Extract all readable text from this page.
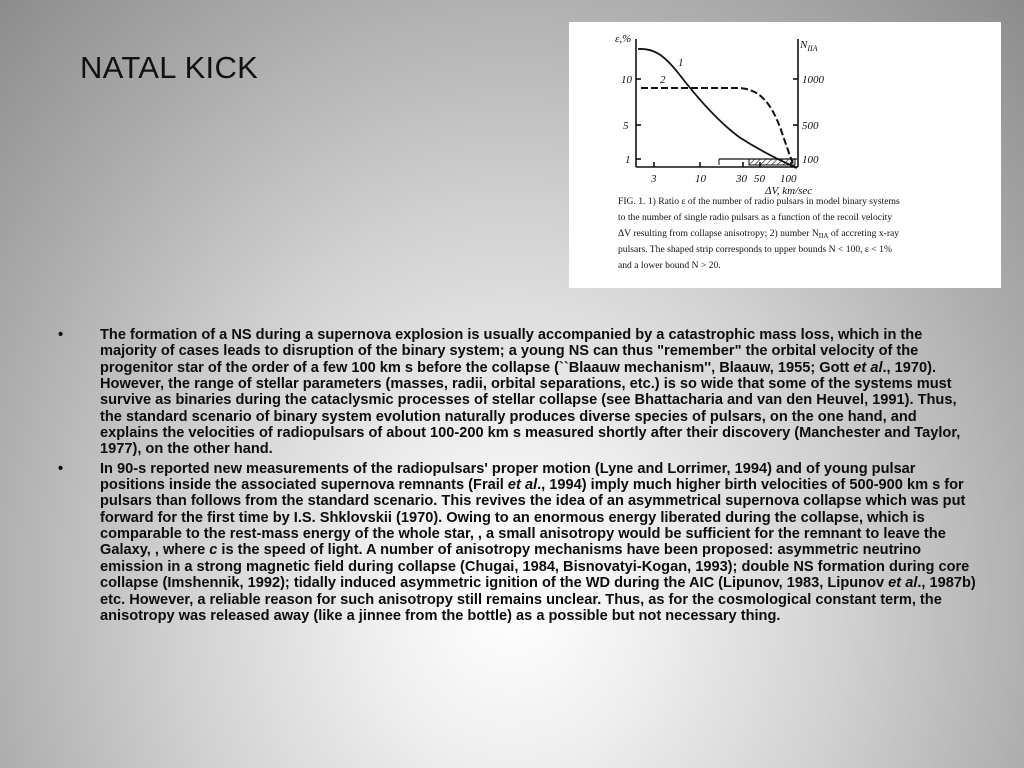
NATAL KICK
ε,%	$N_{IIA}$
10
5
1
1000
500
100
3	10	30 50 100
ΔV, km/sec
1
2
FIG. 1. 1) Ratio ε of the number of radio pulsars in model binary systems
to the number of single radio pulsars as a function of the recoil velocity
ΔV resulting from collapse anisotropy; 2) number $N_{IIA}$ of accreting x-ray
pulsars. The shaped strip corresponds to upper bounds N < 100, ε < 1%
and a lower bound N > 20.
•	The formation of a NS during a supernova explosion is usually accompanied by a catastrophic mass loss, which in the majority of cases leads to disruption of the binary system; a young NS can thus "remember" the orbital velocity of the progenitor star of the order of a few 100 km s before the collapse (``Blaauw mechanism'', Blaauw, 1955; Gott et al., 1970). However, the range of stellar parameters (masses, radii, orbital separations, etc.) is so wide that some of the systems must survive as binaries during the cataclysmic processes of stellar collapse (see Bhattacharia and van den Heuvel, 1991). Thus, the standard scenario of binary system evolution naturally produces diverse species of pulsars, on the one hand, and explains the velocities of radiopulsars of about 100-200 km s measured shortly after their discovery (Manchester and Taylor, 1977), on the other hand.
•	In 90-s reported new measurements of the radiopulsars' proper motion (Lyne and Lorrimer, 1994) and of young pulsar positions inside the associated supernova remnants (Frail et al., 1994) imply much higher birth velocities of 500-900 km s for pulsars than follows from the standard scenario. This revives the idea of an asymmetrical supernova collapse which was put forward for the first time by I.S. Shklovskii (1970). Owing to an enormous energy liberated during the collapse, which is comparable to the rest-mass energy of the whole star, , a small anisotropy would be sufficient for the remnant to leave the Galaxy, , where c is the speed of light. A number of anisotropy mechanisms have been proposed: asymmetric neutrino emission in a strong magnetic field during collapse (Chugai, 1984, Bisnovatyi-Kogan, 1993); double NS formation during core collapse (Imshennik, 1992); tidally induced asymmetric ignition of the WD during the AIC (Lipunov, 1983, Lipunov et al., 1987b) etc. However, a reliable reason for such anisotropy still remains unclear. Thus, as for the cosmological constant term, the anisotropy was released away (like a jinnee from the bottle) as a possible but not necessary thing.
